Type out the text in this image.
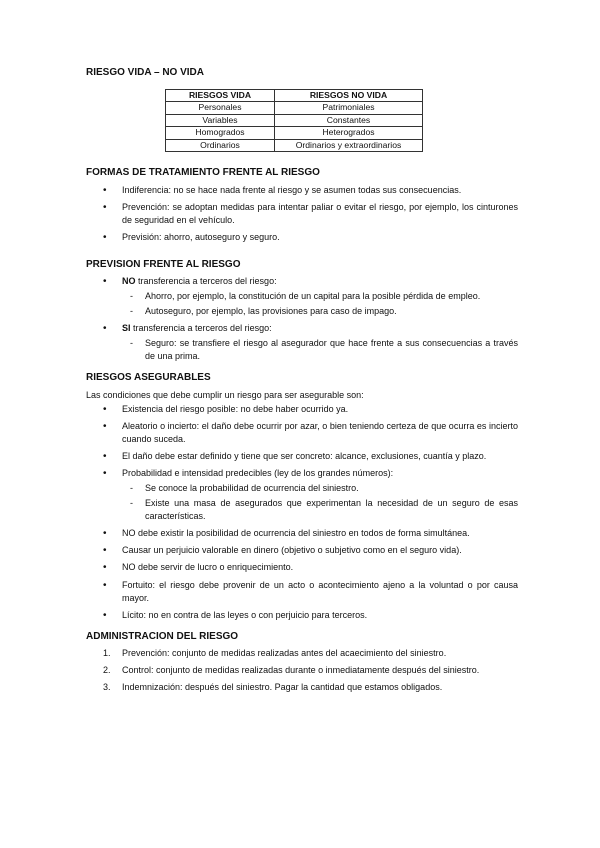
RIESGO VIDA – NO VIDA
RIESGOS VIDA	RIESGOS NO VIDA
Personales	Patrimoniales
Variables	Constantes
Homogrados	Heterogrados
Ordinarios	Ordinarios y extraordinarios
FORMAS DE TRATAMIENTO FRENTE AL RIESGO
• Indiferencia: no se hace nada frente al riesgo y se asumen todas sus consecuencias.
• Prevención: se adoptan medidas para intentar paliar o evitar el riesgo, por ejemplo, los cinturones de seguridad en el vehículo.
• Previsión: ahorro, autoseguro y seguro.
PREVISION FRENTE AL RIESGO
• NO transferencia a terceros del riesgo:
- Ahorro, por ejemplo, la constitución de un capital para la posible pérdida de empleo.
- Autoseguro, por ejemplo, las provisiones para caso de impago.
• SI transferencia a terceros del riesgo:
- Seguro: se transfiere el riesgo al asegurador que hace frente a sus consecuencias a través de una prima.
RIESGOS ASEGURABLES

Las condiciones que debe cumplir un riesgo para ser asegurable son:

• Existencia del riesgo posible: no debe haber ocurrido ya.
• Aleatorio o incierto: el daño debe ocurrir por azar, o bien teniendo certeza de que ocurra es incierto cuando suceda.
• El daño debe estar definido y tiene que ser concreto: alcance, exclusiones, cuantía y plazo.
• Probabilidad e intensidad predecibles (ley de los grandes números):
- Se conoce la probabilidad de ocurrencia del siniestro.
- Existe una masa de asegurados que experimentan la necesidad de un seguro de esas características.
• NO debe existir la posibilidad de ocurrencia del siniestro en todos de forma simultánea.
• Causar un perjuicio valorable en dinero (objetivo o subjetivo como en el seguro vida).
• NO debe servir de lucro o enriquecimiento.
• Fortuito: el riesgo debe provenir de un acto o acontecimiento ajeno a la voluntad o por causa mayor.
• Lícito: no en contra de las leyes o con perjuicio para terceros.
ADMINISTRACION DEL RIESGO
1. Prevención: conjunto de medidas realizadas antes del acaecimiento del siniestro.
2. Control: conjunto de medidas realizadas durante o inmediatamente después del siniestro.
3. Indemnización: después del siniestro. Pagar la cantidad que estamos obligados.
